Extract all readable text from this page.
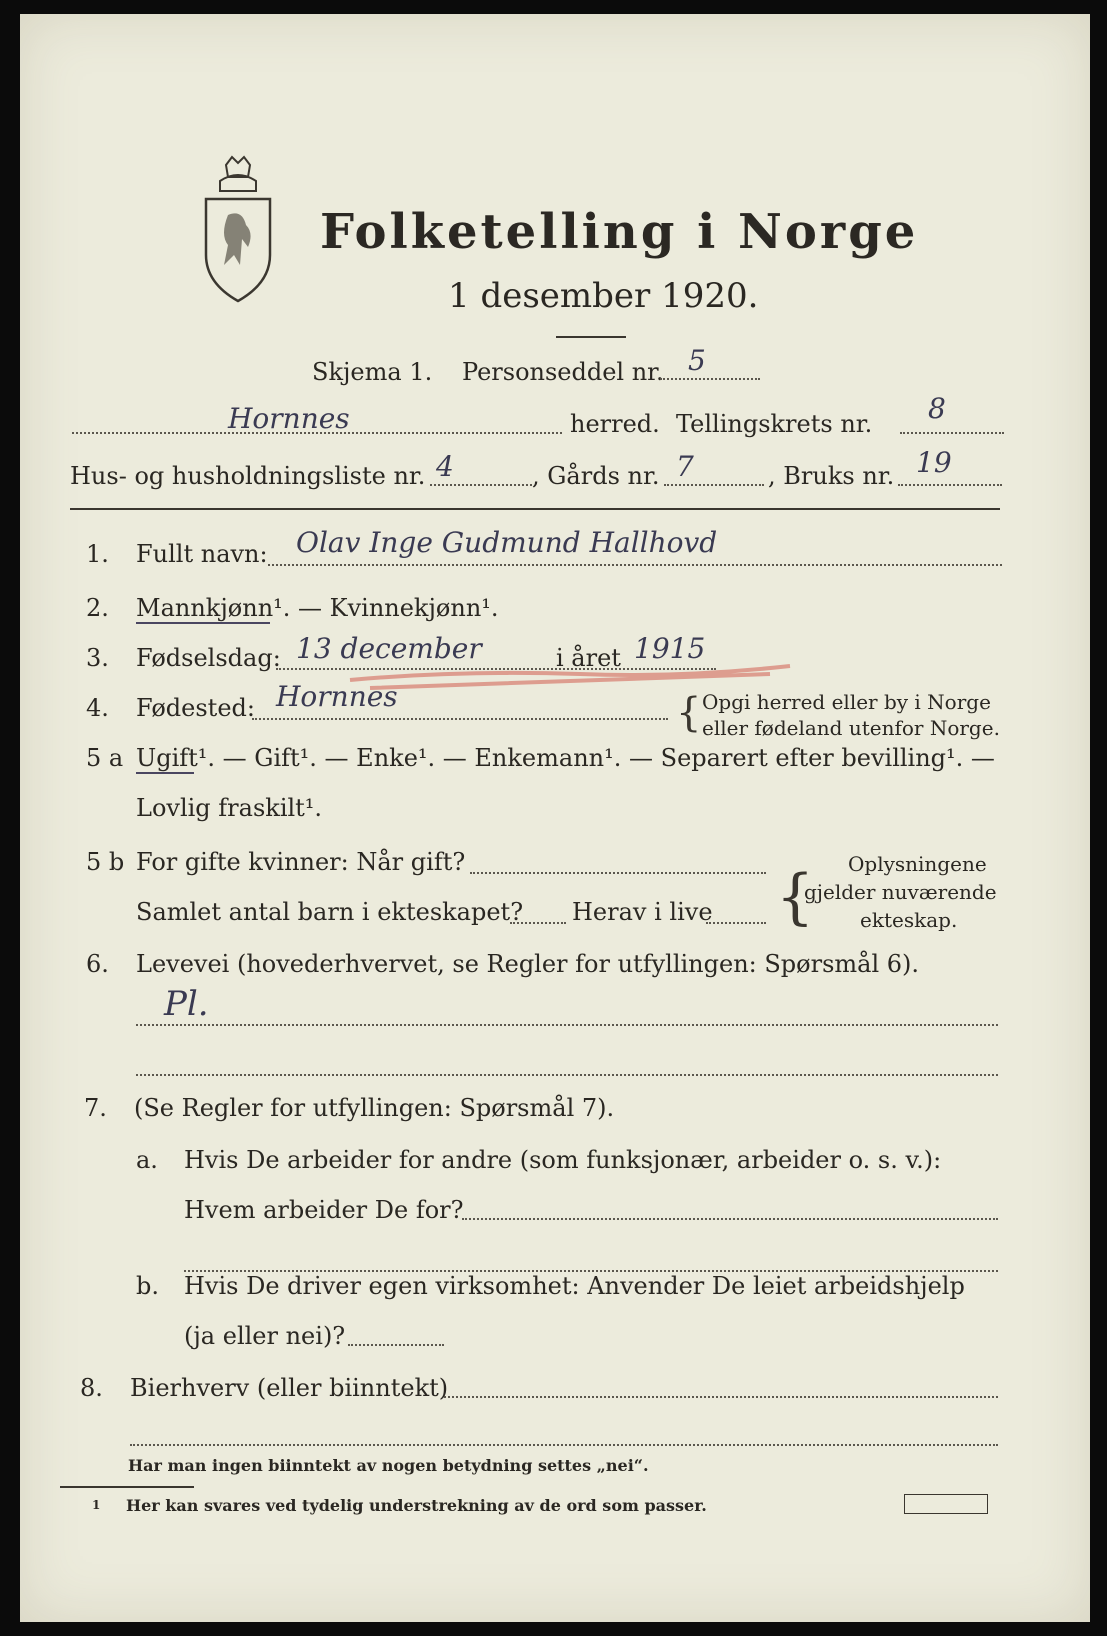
Folketelling i Norge
1 desember 1920.
Skjema 1. Personseddel nr. 5
Hornnes	herred. Tellingskrets nr. 8
Hus- og husholdningsliste nr. 4	, Gårds nr. 7	, Bruks nr. 19
1. Fullt navn: Olav Inge Gudmund Hallhovd
2. Mannkjønn¹. — Kvinnekjønn¹.
3. Fødselsdag: 13 december	i året 1915
4. Fødested: Hornnes	{ Opgi herred eller by i Norge
eller fødeland utenfor Norge.
5 a Ugift¹. — Gift¹. — Enke¹. — Enkemann¹. — Separert efter bevilling¹. —
Lovlig fraskilt¹.
5 b For gifte kvinner: Når gift?
Samlet antal barn i ekteskapet? Herav i live { Oplysningene
gjelder nuværende
ekteskap.
6. Levevei (hovederhvervet, se Regler for utfyllingen: Spørsmål 6).
Pl.
7. (Se Regler for utfyllingen: Spørsmål 7).
a. Hvis De arbeider for andre (som funksjonær, arbeider o. s. v.):
Hvem arbeider De for?
b. Hvis De driver egen virksomhet: Anvender De leiet arbeidshjelp
(ja eller nei)?
8. Bierhverv (eller biinntekt)
Har man ingen biinntekt av nogen betydning settes „nei“.
1 Her kan svares ved tydelig understrekning av de ord som passer.
